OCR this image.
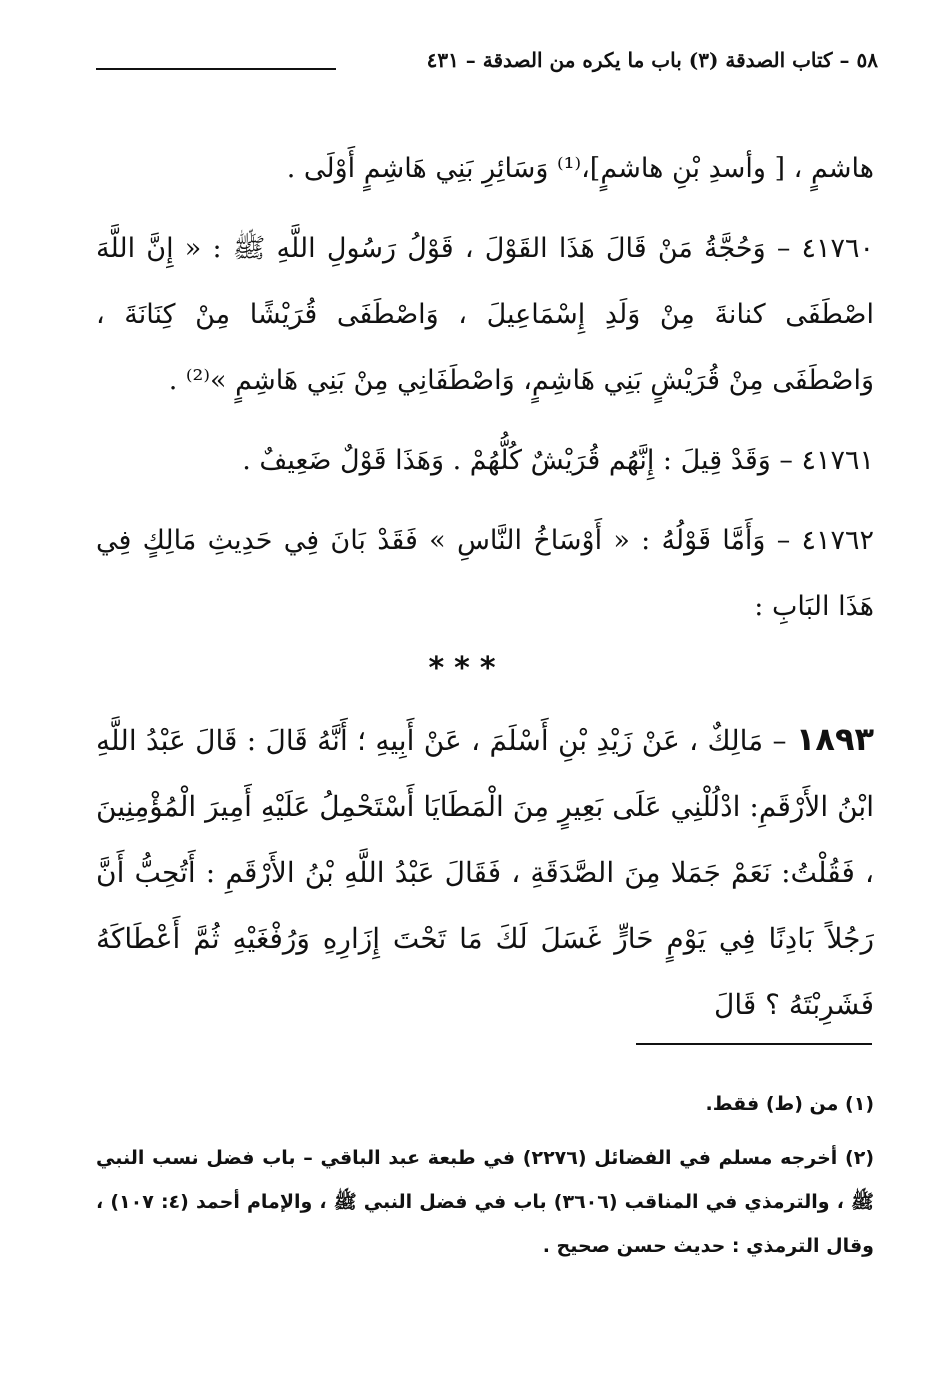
٥٨ – كتاب الصدقة (٣) باب ما يكره من الصدقة – ٤٣١

هاشمٍ ، [ وأسدِ بْنِ هاشمٍ]،⁽¹⁾ وَسَائِرِ بَنِي هَاشِمٍ أَوْلَى .

٤١٧٦٠ – وَحُجَّةُ مَنْ قَالَ هَذَا القَوْلَ ، قَوْلُ رَسُولِ اللَّهِ ﷺ : « إِنَّ اللَّهَ اصْطَفَى كنانةَ مِنْ وَلَدِ إِسْمَاعِيلَ ، وَاصْطَفَى قُرَيْشًا مِنْ كِنَانَةَ ، وَاصْطَفَى مِنْ قُرَيْشٍ بَنِي هَاشِمٍ، وَاصْطَفَانِي مِنْ بَنِي هَاشِمٍ »⁽²⁾ .

٤١٧٦١ – وَقَدْ قِيلَ : إِنَّهُم قُرَيْشٌ كُلُّهُمْ . وَهَذَا قَوْلٌ ضَعِيفٌ .

٤١٧٦٢ – وَأَمَّا قَوْلُهُ : « أَوْسَاخُ النَّاسِ » فَقَدْ بَانَ فِي حَدِيثِ مَالِكٍ فِي هَذَا البَابِ :

***

١٨٩٣ – مَالِكٌ ، عَنْ زَيْدِ بْنِ أَسْلَمَ ، عَنْ أَبِيهِ ؛ أَنَّهُ قَالَ : قَالَ عَبْدُ اللَّهِ ابْنُ الأَرْقَمِ: ادْلُلْنِي عَلَى بَعِيرٍ مِنَ الْمَطَايَا أَسْتَحْمِلُ عَلَيْهِ أَمِيرَ الْمُؤْمِنِينَ ، فَقُلْتُ: نَعَمْ جَمَلا مِنَ الصَّدَقَةِ ، فَقَالَ عَبْدُ اللَّهِ بْنُ الأَرْقَمِ : أَتُحِبُّ أَنَّ رَجُلاً بَادِنًا فِي يَوْمٍ حَارٍّ غَسَلَ لَكَ مَا تَحْتَ إِزَارِهِ وَرُفْغَيْهِ ثُمَّ أَعْطَاكَهُ فَشَرِبْتَهُ ؟ قَالَ

(١) من (ط) فقط.

(٢) أخرجه مسلم في الفضائل (٢٢٧٦) في طبعة عبد الباقي – باب فضل نسب النبي ﷺ ، والترمذي في المناقب (٣٦٠٦) باب في فضل النبي ﷺ ، والإمام أحمد (٤: ١٠٧) ، وقال الترمذي : حديث حسن صحيح .
